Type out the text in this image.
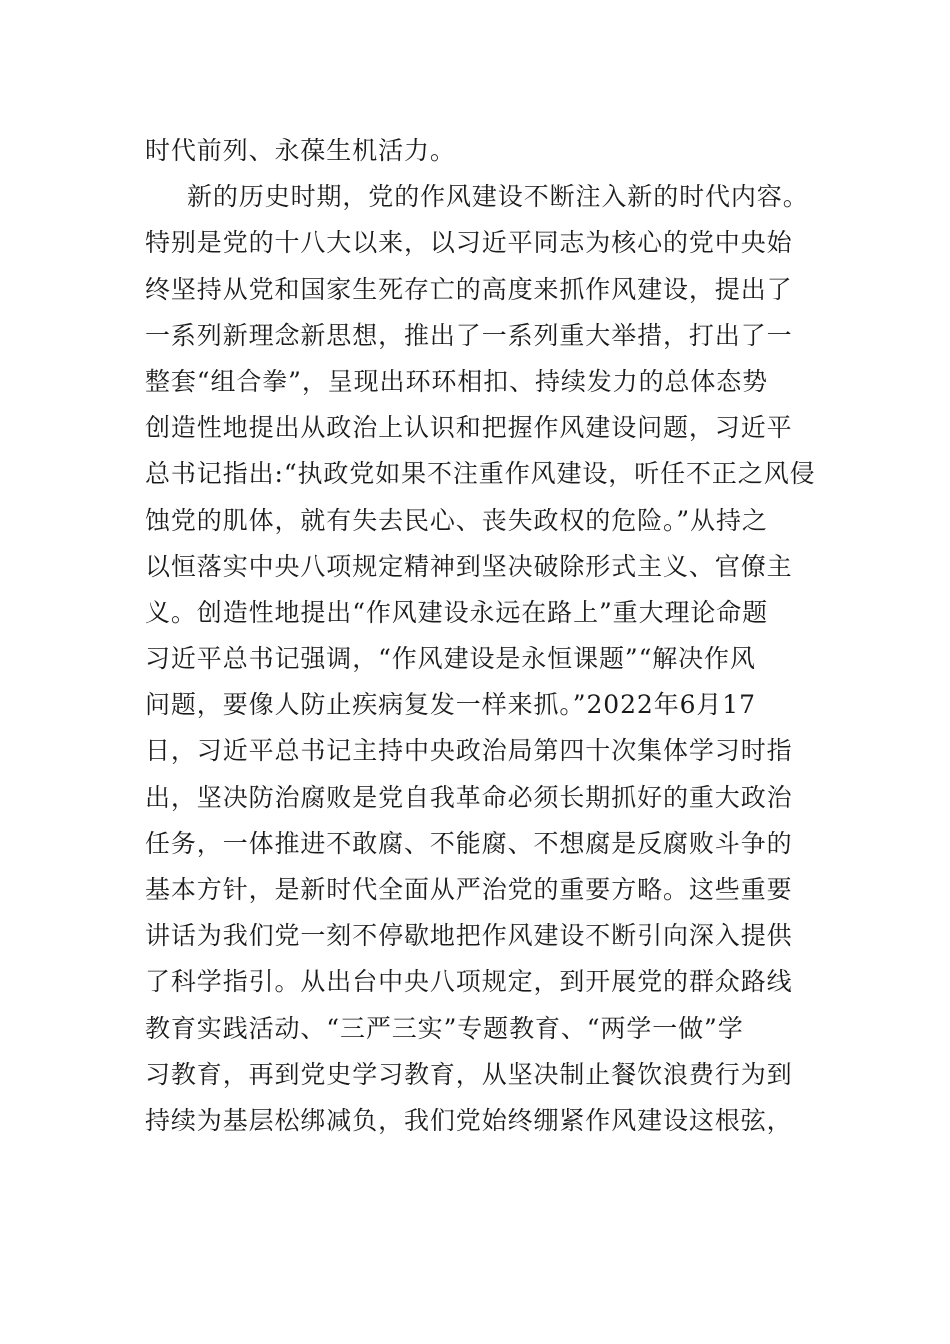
时代前列、永葆生机活力。
新的历史时期，党的作风建设不断注入新的时代内容。
特别是党的十八大以来，以习近平同志为核心的党中央始
终坚持从党和国家生死存亡的高度来抓作风建设，提出了
一系列新理念新思想，推出了一系列重大举措，打出了一
整套“组合拳”，呈现出环环相扣、持续发力的总体态势
创造性地提出从政治上认识和把握作风建设问题，习近平
总书记指出:“执政党如果不注重作风建设，听任不正之风侵
蚀党的肌体，就有失去民心、丧失政权的危险。”从持之
以恒落实中央八项规定精神到坚决破除形式主义、官僚主
义。创造性地提出“作风建设永远在路上”重大理论命题
习近平总书记强调，“作风建设是永恒课题”“解决作风
问题，要像人防止疾病复发一样来抓。”2022年6月17
日，习近平总书记主持中央政治局第四十次集体学习时指
出，坚决防治腐败是党自我革命必须长期抓好的重大政治
任务，一体推进不敢腐、不能腐、不想腐是反腐败斗争的
基本方针，是新时代全面从严治党的重要方略。这些重要
讲话为我们党一刻不停歇地把作风建设不断引向深入提供
了科学指引。从出台中央八项规定，到开展党的群众路线
教育实践活动、“三严三实”专题教育、“两学一做”学
习教育，再到党史学习教育，从坚决制止餐饮浪费行为到
持续为基层松绑减负，我们党始终绷紧作风建设这根弦，
